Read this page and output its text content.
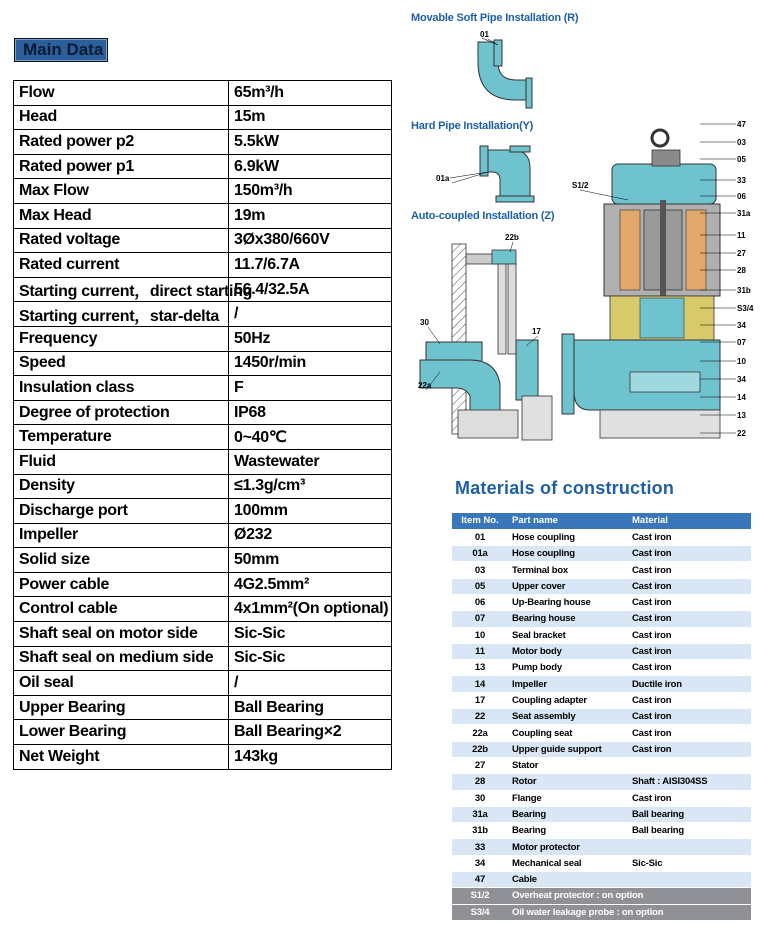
Main Data
Flow	65m³/h
Head	15m
Rated power p2	5.5kW
Rated power p1	6.9kW
Max Flow	150m³/h
Max Head	19m
Rated voltage	3Øx380/660V
Rated current	11.7/6.7A
Starting current，direct starting	56.4/32.5A
Starting current，star-delta	/
Frequency	50Hz
Speed	1450r/min
Insulation class	F
Degree of protection	IP68
Temperature	0~40℃
Fluid	Wastewater
Density	≤1.3g/cm³
Discharge port	100mm
Impeller	Ø232
Solid size	50mm
Power cable	4G2.5mm²
Control cable	4x1mm²(On optional)
Shaft seal on motor side	Sic-Sic
Shaft seal on medium side	Sic-Sic
Oil seal	/
Upper Bearing	Ball Bearing
Lower Bearing	Ball Bearing×2
Net Weight	143kg
Movable Soft Pipe Installation (R)
Hard Pipe Installation(Y)
Auto-coupled Installation (Z)
01
01a
22b
30
17
22a
S1/2
47
03
05
33
06
31a
11
27
28
31b
S3/4
34
07
10
34
14
13
22
Materials of construction
Item No.	Part name	Material
01	Hose coupling	Cast iron
01a	Hose coupling	Cast iron
03	Terminal box	Cast iron
05	Upper cover	Cast iron
06	Up-Bearing house	Cast iron
07	Bearing house	Cast iron
10	Seal bracket	Cast iron
11	Motor body	Cast iron
13	Pump body	Cast iron
14	Impeller	Ductile iron
17	Coupling adapter	Cast iron
22	Seat assembly	Cast iron
22a	Coupling seat	Cast iron
22b	Upper guide support	Cast iron
27	Stator	
28	Rotor	Shaft : AISI304SS
30	Flange	Cast iron
31a	Bearing	Ball bearing
31b	Bearing	Ball bearing
33	Motor protector	
34	Mechanical seal	Sic-Sic
47	Cable	
S1/2	Overheat protector : on option	
S3/4	Oil water leakage probe : on option	
